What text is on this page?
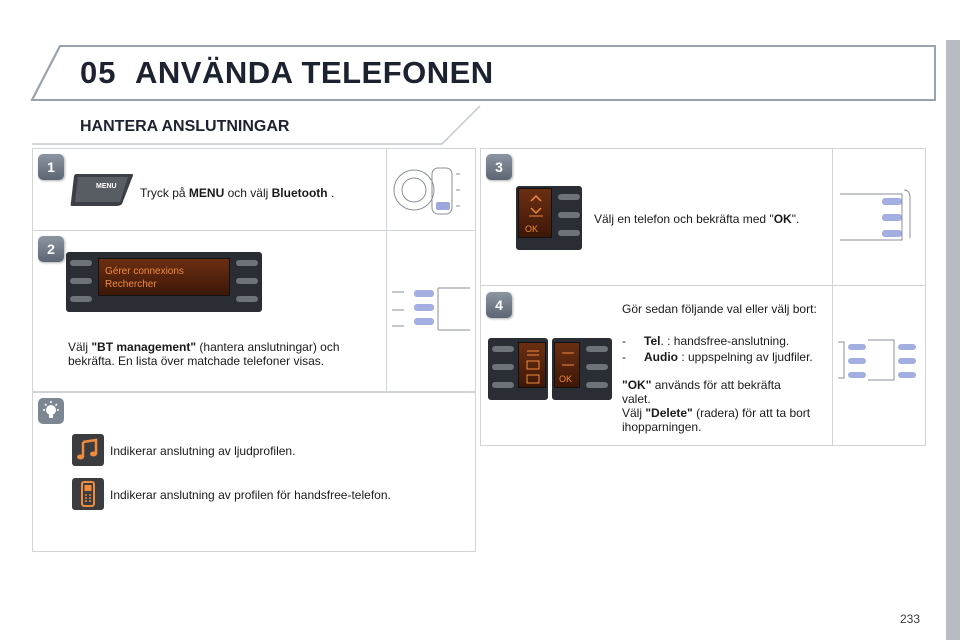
05 ANVÄNDA TELEFONEN
HANTERA ANSLUTNINGAR
1
MENU Tryck på MENU och välj Bluetooth .
2
Gérer connexions
Rechercher
Välj "BT management" (hantera anslutningar) och bekräfta. En lista över matchade telefoner visas.
Indikerar anslutning av ljudprofilen.
Indikerar anslutning av profilen för handsfree-telefon.
3
OK
Välj en telefon och bekräfta med "OK".
4
OK
Gör sedan följande val eller välj bort:
- Tel. : handsfree-anslutning.
-	Audio : uppspelning av ljudfiler.
"OK" används för att bekräfta valet.
Välj "Delete" (radera) för att ta bort ihopparningen.
233
